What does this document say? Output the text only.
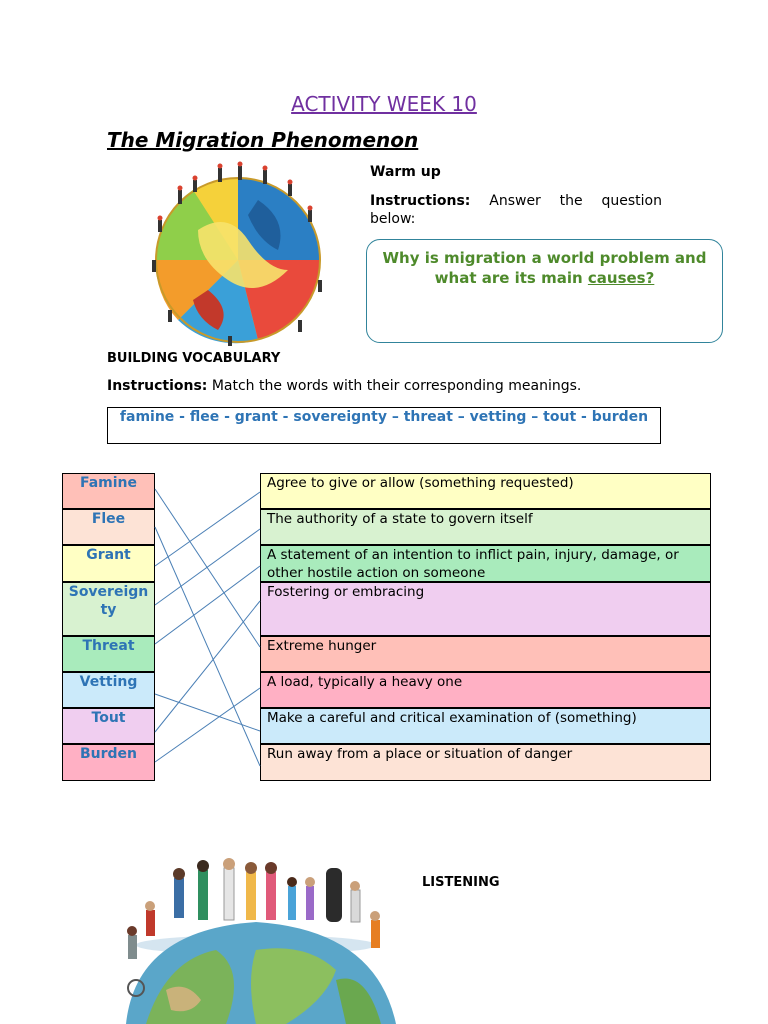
ACTIVITY WEEK 10
The Migration Phenomenon
Warm up
Instructions: Answer the question below:
Why is migration a world problem and what are its main causes?
BUILDING VOCABULARY
Instructions: Match the words with their corresponding meanings.
famine - flee - grant - sovereignty – threat – vetting – tout - burden
Famine
Flee
Grant
Sovereign ty
Threat
Vetting
Tout
Burden
Agree to give or allow (something requested)
The authority of a state to govern itself
A statement of an intention to inflict pain, injury, damage, or other hostile action on someone
Fostering or embracing
Extreme hunger
A load, typically a heavy one
Make a careful and critical examination of (something)
Run away from a place or situation of danger
LISTENING
